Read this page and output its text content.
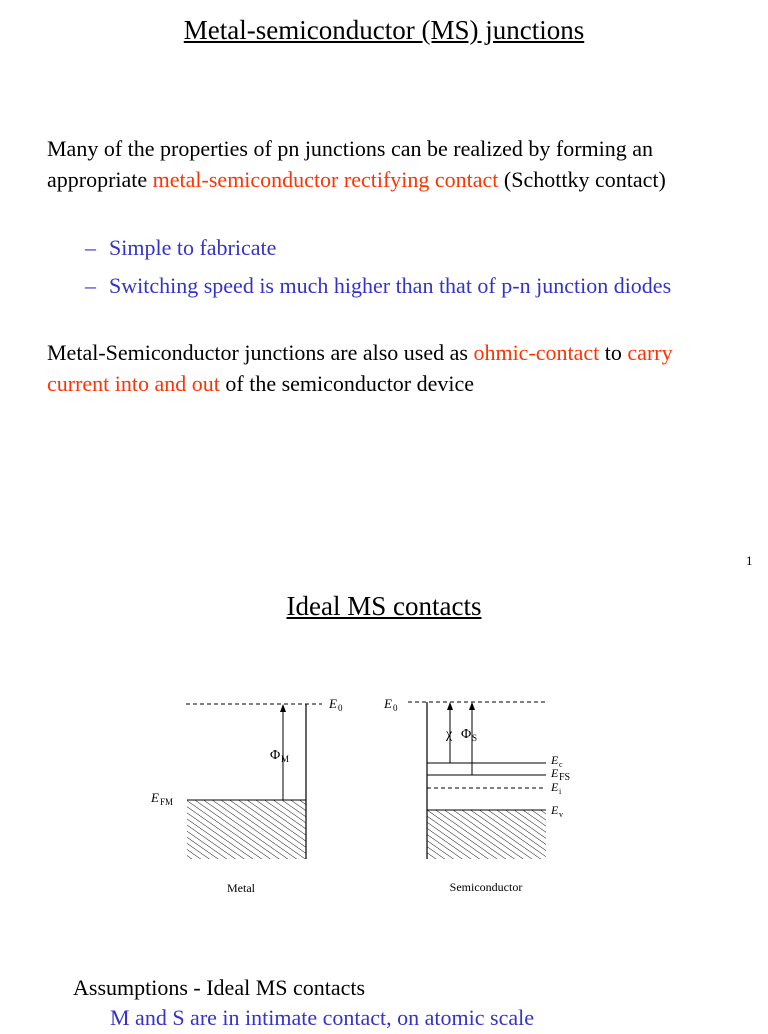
Metal-semiconductor (MS) junctions

Many of the properties of pn junctions can be realized by forming an appropriate metal-semiconductor rectifying contact (Schottky contact)

– Simple to fabricate
– Switching speed is much higher than that of p-n junction diodes

Metal-Semiconductor junctions are also used as ohmic-contact to carry current into and out of the semiconductor device

1
Ideal MS contacts
E 0
Φ M
E FM
Metal
E 0
χ Φ S
E c
E FS
E i
E v
Semiconductor
Assumptions - Ideal MS contacts
M and S are in intimate contact, on atomic scale
